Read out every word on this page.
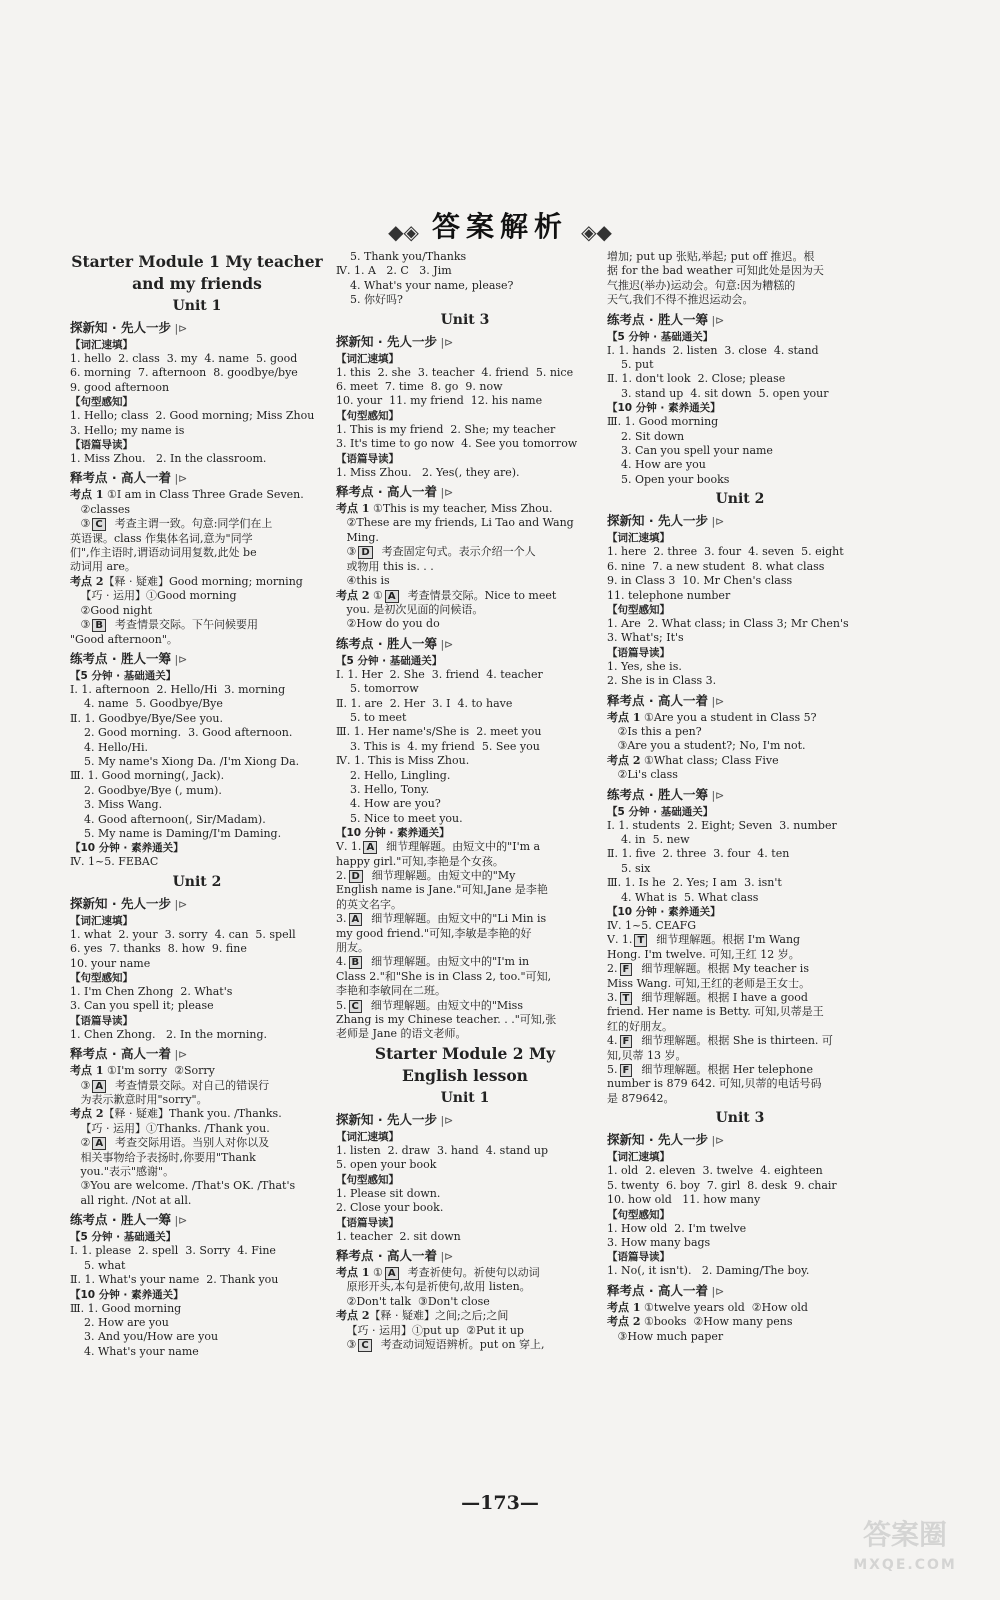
◆◈ 答案解析 ◈◆
Starter Module 1 My teacher
and my friends
Unit 1
探新知 · 先人一步 |⊳
【词汇速填】
1. hello  2. class  3. my  4. name  5. good
6. morning  7. afternoon  8. goodbye/bye
9. good afternoon
【句型感知】
1. Hello; class  2. Good morning; Miss Zhou
3. Hello; my name is
【语篇导读】
1. Miss Zhou.   2. In the classroom.
释考点 · 高人一着 |⊳
考点 1 ①I am in Class Three Grade Seven.
②classes
③ C  考查主谓一致。句意:同学们在上
英语课。class 作集体名词,意为"同学
们",作主语时,谓语动词用复数,此处 be
动词用 are。
考点 2【释 · 疑难】Good morning; morning
【巧 · 运用】①Good morning
②Good night
③ B  考查情景交际。下午问候要用
"Good afternoon"。
练考点 · 胜人一筹 |⊳
【5 分钟 · 基础通关】
Ⅰ. 1. afternoon  2. Hello/Hi  3. morning
4. name  5. Goodbye/Bye
Ⅱ. 1. Goodbye/Bye/See you.
2. Good morning.  3. Good afternoon.
4. Hello/Hi.
5. My name's Xiong Da. /I'm Xiong Da.
Ⅲ. 1. Good morning(, Jack).
2. Goodbye/Bye (, mum).
3. Miss Wang.
4. Good afternoon(, Sir/Madam).
5. My name is Daming/I'm Daming.
【10 分钟 · 素养通关】
Ⅳ. 1~5. FEBAC
Unit 2
探新知 · 先人一步 |⊳
【词汇速填】
1. what  2. your  3. sorry  4. can  5. spell
6. yes  7. thanks  8. how  9. fine
10. your name
【句型感知】
1. I'm Chen Zhong  2. What's
3. Can you spell it; please
【语篇导读】
1. Chen Zhong.   2. In the morning.
释考点 · 高人一着 |⊳
考点 1 ①I'm sorry  ②Sorry
③ A  考查情景交际。对自己的错误行
为表示歉意时用"sorry"。
考点 2【释 · 疑难】Thank you. /Thanks.
【巧 · 运用】①Thanks. /Thank you.
② A  考查交际用语。当别人对你以及
相关事物给予表扬时,你要用"Thank
you."表示"感谢"。
③You are welcome. /That's OK. /That's
all right. /Not at all.
练考点 · 胜人一筹 |⊳
【5 分钟 · 基础通关】
Ⅰ. 1. please  2. spell  3. Sorry  4. Fine
5. what
Ⅱ. 1. What's your name  2. Thank you
【10 分钟 · 素养通关】
Ⅲ. 1. Good morning
2. How are you
3. And you/How are you
4. What's your name
5. Thank you/Thanks
Ⅳ. 1. A   2. C   3. Jim
4. What's your name, please?
5. 你好吗?
Unit 3
探新知 · 先人一步 |⊳
【词汇速填】
1. this  2. she  3. teacher  4. friend  5. nice
6. meet  7. time  8. go  9. now
10. your  11. my friend  12. his name
【句型感知】
1. This is my friend  2. She; my teacher
3. It's time to go now  4. See you tomorrow
【语篇导读】
1. Miss Zhou.   2. Yes(, they are).
释考点 · 高人一着 |⊳
考点 1 ①This is my teacher, Miss Zhou.
②These are my friends, Li Tao and Wang
Ming.
③ D  考查固定句式。表示介绍一个人
或物用 this is. . .
④this is
考点 2 ① A  考查情景交际。Nice to meet
you. 是初次见面的问候语。
②How do you do
练考点 · 胜人一筹 |⊳
【5 分钟 · 基础通关】
Ⅰ. 1. Her  2. She  3. friend  4. teacher
5. tomorrow
Ⅱ. 1. are  2. Her  3. I  4. to have
5. to meet
Ⅲ. 1. Her name's/She is  2. meet you
3. This is  4. my friend  5. See you
Ⅳ. 1. This is Miss Zhou.
2. Hello, Lingling.
3. Hello, Tony.
4. How are you?
5. Nice to meet you.
【10 分钟 · 素养通关】
Ⅴ. 1. A  细节理解题。由短文中的"I'm a
happy girl."可知,李艳是个女孩。
2. D  细节理解题。由短文中的"My
English name is Jane."可知,Jane 是李艳
的英文名字。
3. A  细节理解题。由短文中的"Li Min is
my good friend."可知,李敏是李艳的好
朋友。
4. B  细节理解题。由短文中的"I'm in
Class 2."和"She is in Class 2, too."可知,
李艳和李敏同在二班。
5. C  细节理解题。由短文中的"Miss
Zhang is my Chinese teacher. . ."可知,张
老师是 Jane 的语文老师。
Starter Module 2 My
English lesson
Unit 1
探新知 · 先人一步 |⊳
【词汇速填】
1. listen  2. draw  3. hand  4. stand up
5. open your book
【句型感知】
1. Please sit down.
2. Close your book.
【语篇导读】
1. teacher  2. sit down
释考点 · 高人一着 |⊳
考点 1 ① A  考查祈使句。祈使句以动词
原形开头,本句是祈使句,故用 listen。
②Don't talk  ③Don't close
考点 2【释 · 疑难】之间;之后;之间
【巧 · 运用】①put up  ②Put it up
③ C  考查动词短语辨析。put on 穿上,
增加; put up 张贴,举起; put off 推迟。根
据 for the bad weather 可知此处是因为天
气推迟(举办)运动会。句意:因为糟糕的
天气,我们不得不推迟运动会。
练考点 · 胜人一筹 |⊳
【5 分钟 · 基础通关】
Ⅰ. 1. hands  2. listen  3. close  4. stand
5. put
Ⅱ. 1. don't look  2. Close; please
3. stand up  4. sit down  5. open your
【10 分钟 · 素养通关】
Ⅲ. 1. Good morning
2. Sit down
3. Can you spell your name
4. How are you
5. Open your books
Unit 2
探新知 · 先人一步 |⊳
【词汇速填】
1. here  2. three  3. four  4. seven  5. eight
6. nine  7. a new student  8. what class
9. in Class 3  10. Mr Chen's class
11. telephone number
【句型感知】
1. Are  2. What class; in Class 3; Mr Chen's
3. What's; It's
【语篇导读】
1. Yes, she is.
2. She is in Class 3.
释考点 · 高人一着 |⊳
考点 1 ①Are you a student in Class 5?
②Is this a pen?
③Are you a student?; No, I'm not.
考点 2 ①What class; Class Five
②Li's class
练考点 · 胜人一筹 |⊳
【5 分钟 · 基础通关】
Ⅰ. 1. students  2. Eight; Seven  3. number
4. in  5. new
Ⅱ. 1. five  2. three  3. four  4. ten
5. six
Ⅲ. 1. Is he  2. Yes; I am  3. isn't
4. What is  5. What class
【10 分钟 · 素养通关】
Ⅳ. 1~5. CEAFG
Ⅴ. 1. T  细节理解题。根据 I'm Wang
Hong. I'm twelve. 可知,王红 12 岁。
2. F  细节理解题。根据 My teacher is
Miss Wang. 可知,王红的老师是王女士。
3. T  细节理解题。根据 I have a good
friend. Her name is Betty. 可知,贝蒂是王
红的好朋友。
4. F  细节理解题。根据 She is thirteen. 可
知,贝蒂 13 岁。
5. F  细节理解题。根据 Her telephone
number is 879 642. 可知,贝蒂的电话号码
是 879642。
Unit 3
探新知 · 先人一步 |⊳
【词汇速填】
1. old  2. eleven  3. twelve  4. eighteen
5. twenty  6. boy  7. girl  8. desk  9. chair
10. how old   11. how many
【句型感知】
1. How old  2. I'm twelve
3. How many bags
【语篇导读】
1. No(, it isn't).   2. Daming/The boy.
释考点 · 高人一着 |⊳
考点 1 ①twelve years old  ②How old
考点 2 ①books  ②How many pens
③How much paper
—173—
答案圈
MXQE.COM
